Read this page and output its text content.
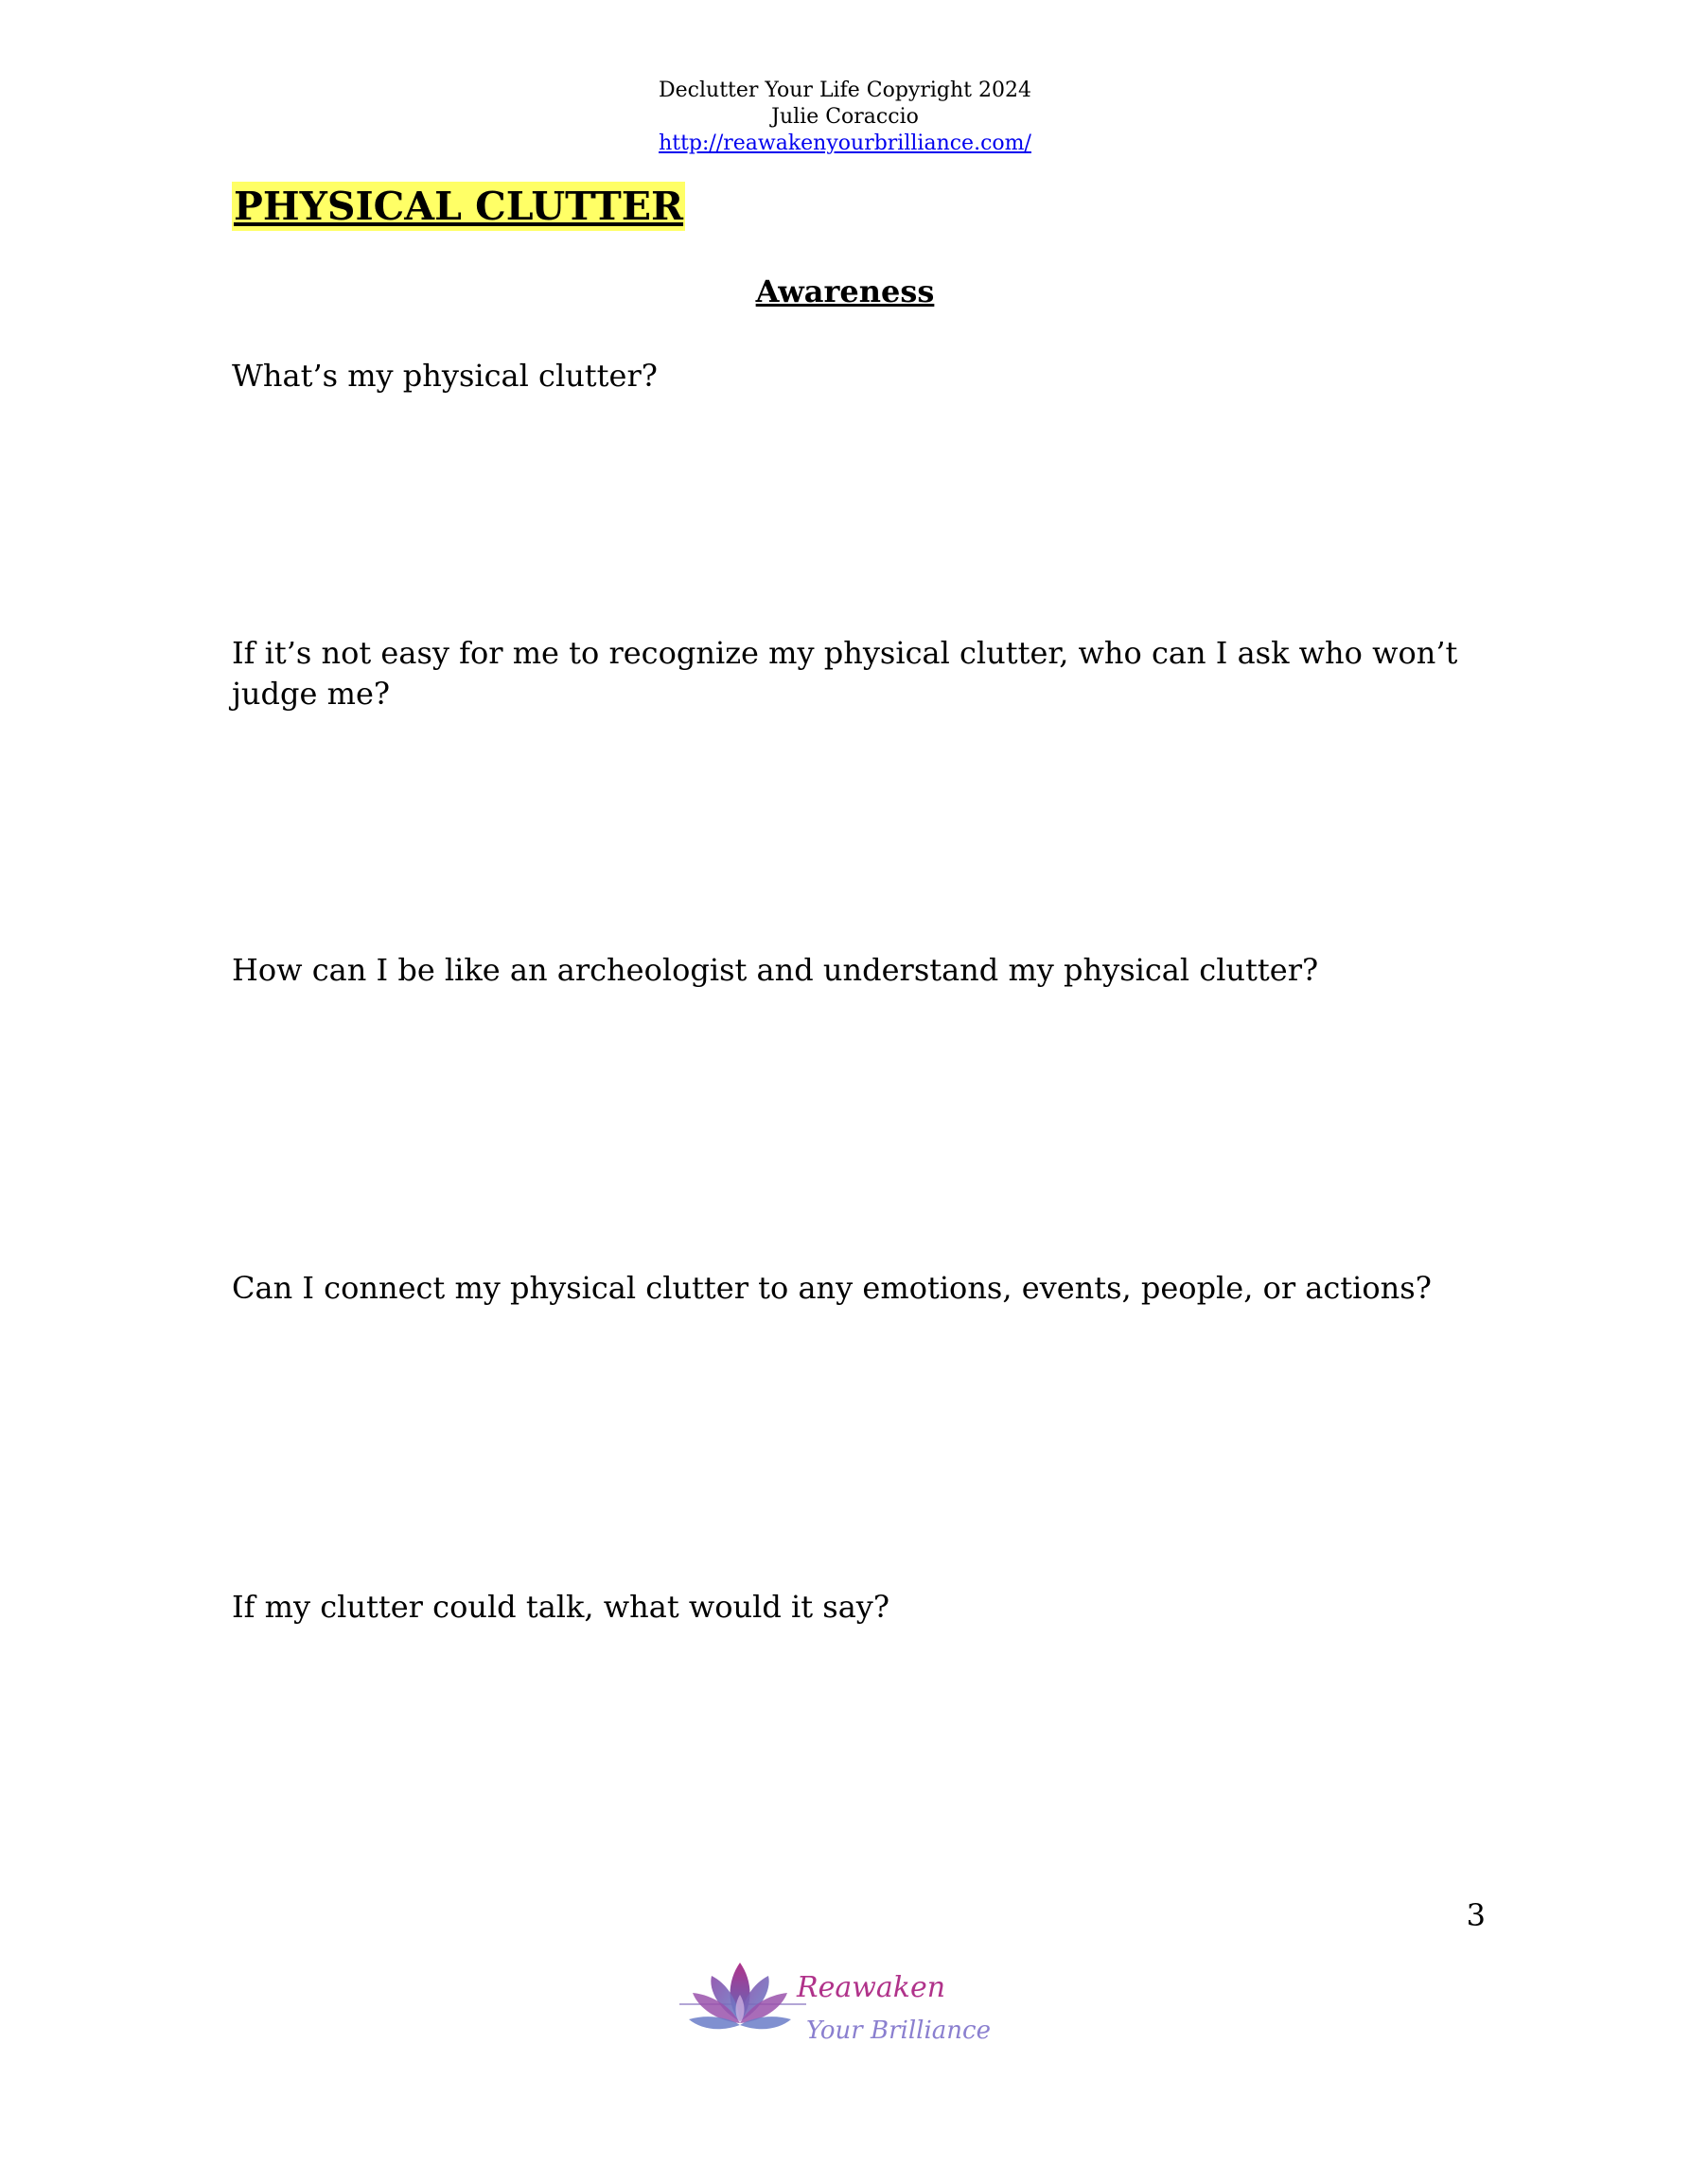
Declutter Your Life Copyright 2024
Julie Coraccio
http://reawakenyourbrilliance.com/
PHYSICAL CLUTTER
Awareness

What’s my physical clutter?

If it’s not easy for me to recognize my physical clutter, who can I ask who won’t judge me?

How can I be like an archeologist and understand my physical clutter?

Can I connect my physical clutter to any emotions, events, people, or actions?

If my clutter could talk, what would it say?

3
Reawaken
Your Brilliance
